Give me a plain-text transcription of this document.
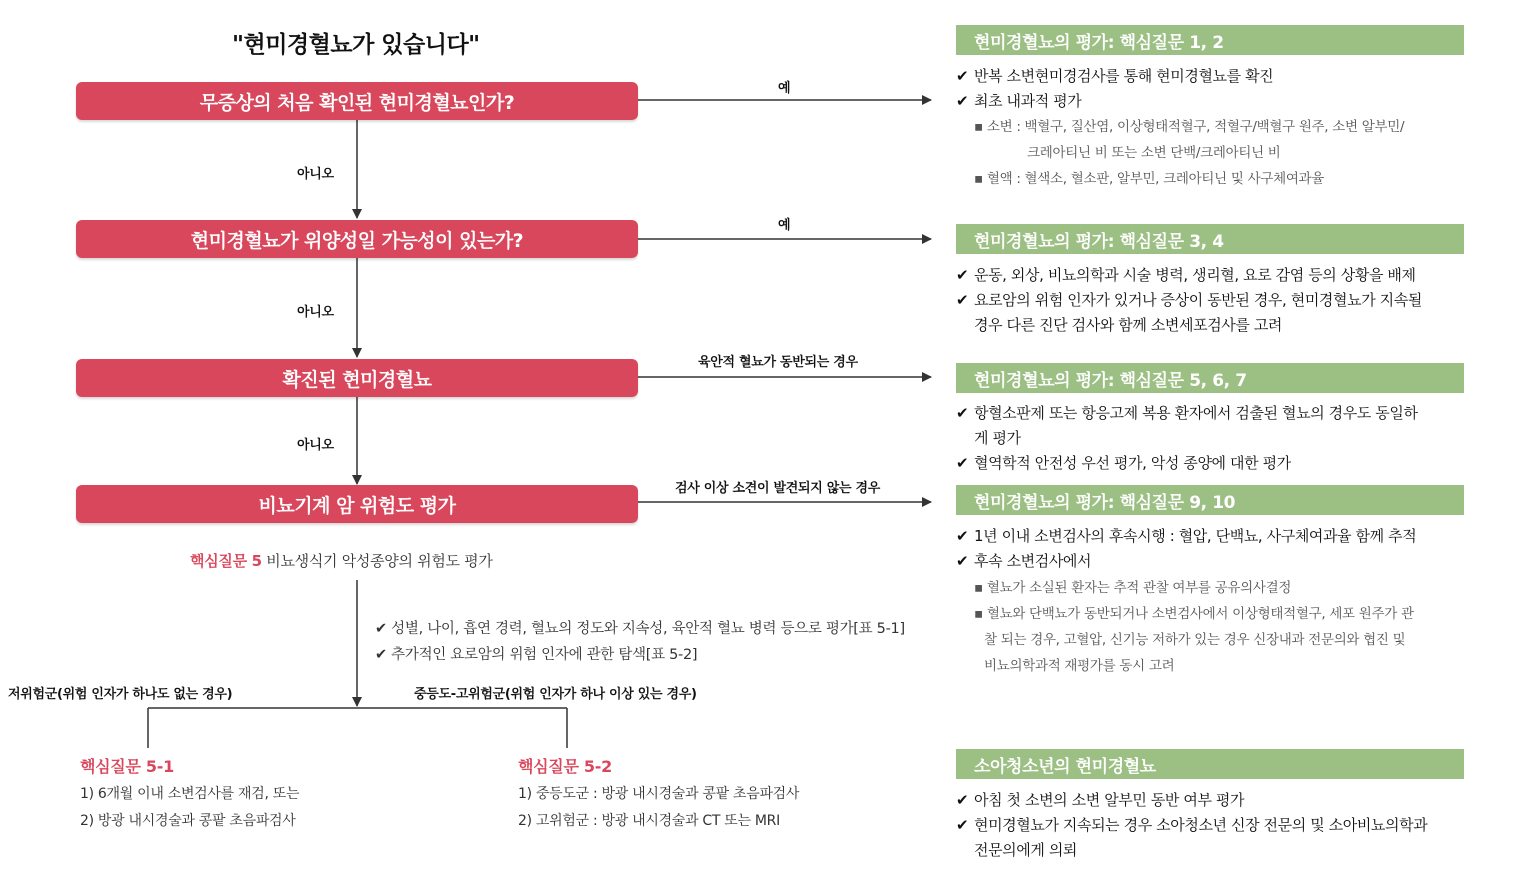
"현미경혈뇨가 있습니다"
무증상의 처음 확인된 현미경혈뇨인가?
현미경혈뇨가 위양성일 가능성이 있는가?
확진된 현미경혈뇨
비뇨기계 암 위험도 평가
아니오
아니오
아니오
예
예
육안적 혈뇨가 동반되는 경우
검사 이상 소견이 발견되지 않는 경우
핵심질문 5 비뇨생식기 악성종양의 위험도 평가
✔ 성별, 나이, 흡연 경력, 혈뇨의 정도와 지속성, 육안적 혈뇨 병력 등으로 평가[표 5-1]
✔ 추가적인 요로암의 위험 인자에 관한 탐색[표 5-2]
저위험군(위험 인자가 하나도 없는 경우)	중등도-고위험군(위험 인자가 하나 이상 있는 경우)
핵심질문 5-1
1) 6개월 이내 소변검사를 재검, 또는
2) 방광 내시경술과 콩팥 초음파검사
핵심질문 5-2
1) 중등도군 : 방광 내시경술과 콩팥 초음파검사
2) 고위험군 : 방광 내시경술과 CT 또는 MRI
현미경혈뇨의 평가: 핵심질문 1, 2
✔ 반복 소변현미경검사를 통해 현미경혈뇨를 확진
✔ 최초 내과적 평가
▪ 소변 : 백혈구, 질산염, 이상형태적혈구, 적혈구/백혈구 원주, 소변 알부민/
크레아티닌 비 또는 소변 단백/크레아티닌 비
▪ 혈액 : 혈색소, 혈소판, 알부민, 크레아티닌 및 사구체여과율
현미경혈뇨의 평가: 핵심질문 3, 4
✔ 운동, 외상, 비뇨의학과 시술 병력, 생리혈, 요로 감염 등의 상황을 배제
✔ 요로암의 위험 인자가 있거나 증상이 동반된 경우, 현미경혈뇨가 지속될
경우 다른 진단 검사와 함께 소변세포검사를 고려
현미경혈뇨의 평가: 핵심질문 5, 6, 7
✔ 항혈소판제 또는 항응고제 복용 환자에서 검출된 혈뇨의 경우도 동일하
게 평가
✔ 혈역학적 안전성 우선 평가, 악성 종양에 대한 평가
현미경혈뇨의 평가: 핵심질문 9, 10
✔ 1년 이내 소변검사의 후속시행 : 혈압, 단백뇨, 사구체여과율 함께 추적
✔ 후속 소변검사에서
▪ 혈뇨가 소실된 환자는 추적 관찰 여부를 공유의사결정
▪ 혈뇨와 단백뇨가 동반되거나 소변검사에서 이상형태적혈구, 세포 원주가 관
찰 되는 경우, 고혈압, 신기능 저하가 있는 경우 신장내과 전문의와 협진 및
비뇨의학과적 재평가를 동시 고려
소아청소년의 현미경혈뇨
✔ 아침 첫 소변의 소변 알부민 동반 여부 평가
✔ 현미경혈뇨가 지속되는 경우 소아청소년 신장 전문의 및 소아비뇨의학과
전문의에게 의뢰
